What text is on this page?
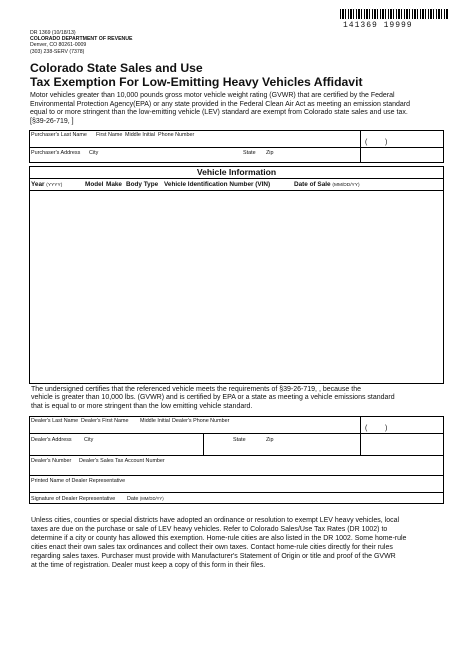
DR 1369 (10/18/13)
COLORADO DEPARTMENT OF REVENUE
Denver, CO 80261-0009
(303) 238-SERV (7378)
141369 19999
Colorado State Sales and Use
Tax Exemption For Low-Emitting Heavy Vehicles Affidavit
Motor vehicles greater than 10,000 pounds gross motor vehicle weight rating (GVWR) that are certified by the Federal
Environmental Protection Agency(EPA) or any state provided in the Federal Clean Air Act as meeting an emission standard
equal to or more stringent than the low-emitting vehicle (LEV) standard are exempt from Colorado state sales and use tax.
[§39-26-719, ]
Purchaser's Last Name First Name Middle Initial Phone Number
(	)
Purchaser's Address City	State Zip
Vehicle Information
Year (YYYY)	Model Make Body Type Vehicle Identification Number (VIN)	Date of Sale (MM/DD/YY)
The undersigned certifies that the referenced vehicle meets the requirements of §39-26-719, , because the
vehicle is greater than 10,000 lbs. (GVWR) and is certified by EPA or a state as meeting a vehicle emissions standard
that is equal to or more stringent than the low emitting vehicle standard.
Dealer's Last Name Dealer's First Name Middle Initial Dealer's Phone Number
(	)
Dealer's Address City	State	Zip
Dealer's Number Dealer's Sales Tax Account Number
Printed Name of Dealer Representative
Signature of Dealer Representative Date (MM/DD/YY)
Unless cities, counties or special districts have adopted an ordinance or resolution to exempt LEV heavy vehicles, local
taxes are due on the purchase or sale of LEV heavy vehicles. Refer to Colorado Sales/Use Tax Rates (DR 1002) to
determine if a city or county has allowed this exemption. Home-rule cities are also listed in the DR 1002. Some home-rule
cities enact their own sales tax ordinances and collect their own taxes. Contact home-rule cities directly for their rules
regarding sales taxes. Purchaser must provide with Manufacturer's Statement of Origin or title and proof of the GVWR
at the time of registration. Dealer must keep a copy of this form in their files.
